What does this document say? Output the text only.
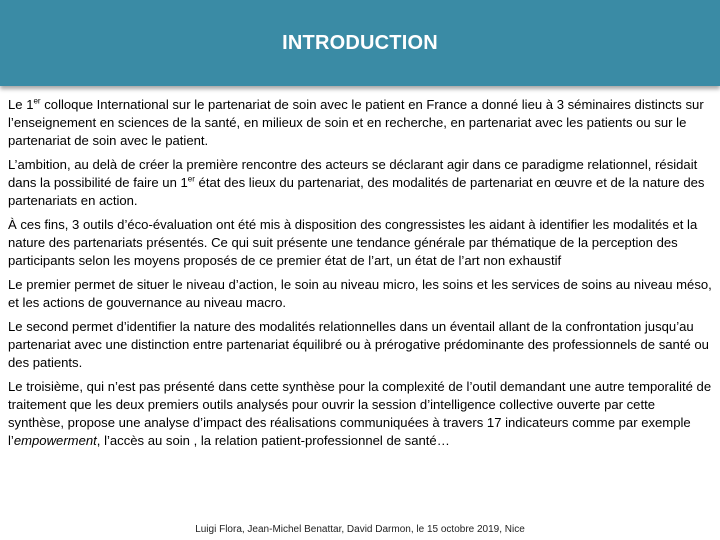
INTRODUCTION

Le 1er colloque International sur le partenariat de soin avec le patient en France a donné lieu à 3 séminaires distincts sur l’enseignement en sciences de la santé, en milieux de soin et en recherche, en partenariat avec les patients ou sur le partenariat de soin avec le patient.

L’ambition, au delà de créer la première rencontre des acteurs se déclarant agir dans ce paradigme relationnel, résidait dans la possibilité de faire un 1er état des lieux du partenariat, des modalités de partenariat en œuvre et de la nature des partenariats en action.

À ces fins, 3 outils d’éco-évaluation ont été mis à disposition des congressistes les aidant à identifier les modalités et la nature des partenariats présentés. Ce qui suit présente une tendance générale par thématique de la perception des participants selon les moyens proposés de ce premier état de l’art, un état de l’art non exhaustif

Le premier permet de situer le niveau d’action, le soin au niveau micro, les soins et les services de soins au niveau méso, et les actions de gouvernance au niveau macro.

Le second permet d’identifier la nature des modalités relationnelles dans un éventail allant de la confrontation jusqu’au partenariat avec une distinction entre partenariat équilibré ou à prérogative prédominante des professionnels de santé ou des patients.

Le troisième, qui n’est pas présenté dans cette synthèse pour la complexité de l’outil demandant une autre temporalité de traitement que les deux premiers outils analysés pour ouvrir la session d’intelligence collective ouverte par cette synthèse, propose une analyse d’impact des réalisations communiquées à travers 17 indicateurs comme par exemple l’empowerment, l’accès au soin , la relation patient-professionnel de santé…

Luigi Flora, Jean-Michel Benattar, David Darmon, le 15 octobre 2019, Nice
